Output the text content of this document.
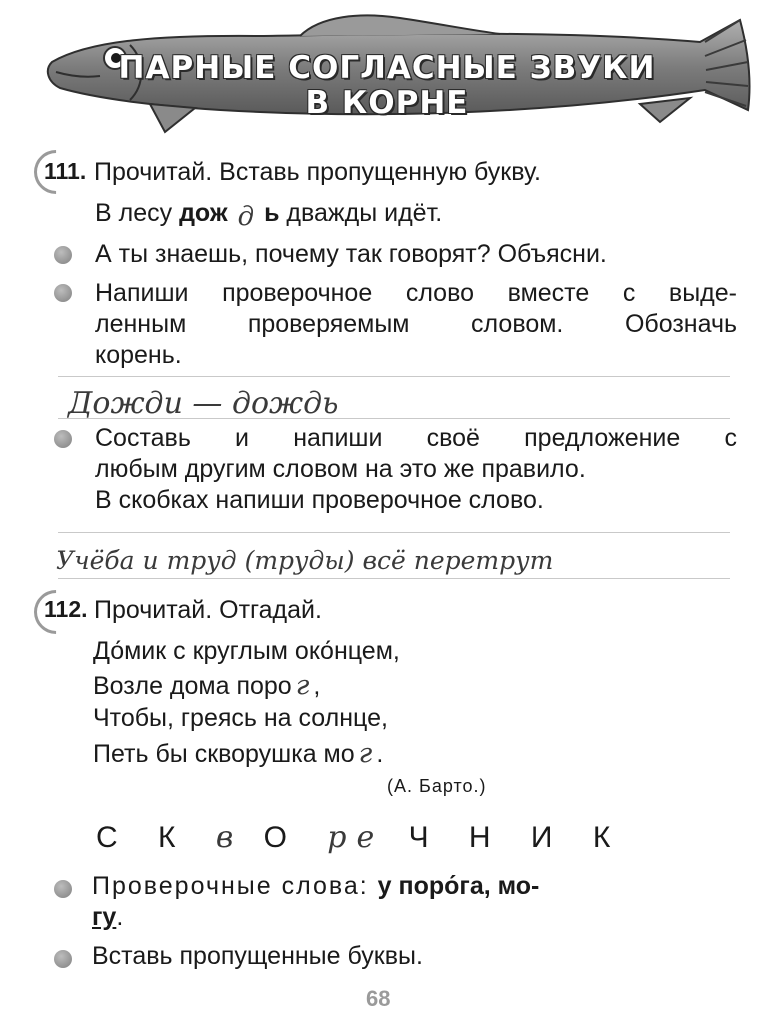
ПАРНЫЕ СОГЛАСНЫЕ ЗВУКИ
В КОРНЕ
111. Прочитай. Вставь пропущенную букву.
В лесу дож д ь дважды идёт.
А ты знаешь, почему так говорят? Объясни.
Напиши проверочное слово вместе с выде-
ленным проверяемым словом. Обозначь
корень.
Дожди — дождь
Составь и напиши своё предложение с
любым другим словом на это же правило.
В скобках напиши проверочное слово.
Учёба и труд (труды) всё перетрут
112. Прочитай. Отгадай.
До́мик с круглым око́нцем,
Возле дома поро г ,
Чтобы, греясь на солнце,
Петь бы скворушка мо г .
(А. Барто.)
С К в О ре Ч Н И К
Проверочные слова: у поро́га, мо-
гу.
Вставь пропущенные буквы.
68
